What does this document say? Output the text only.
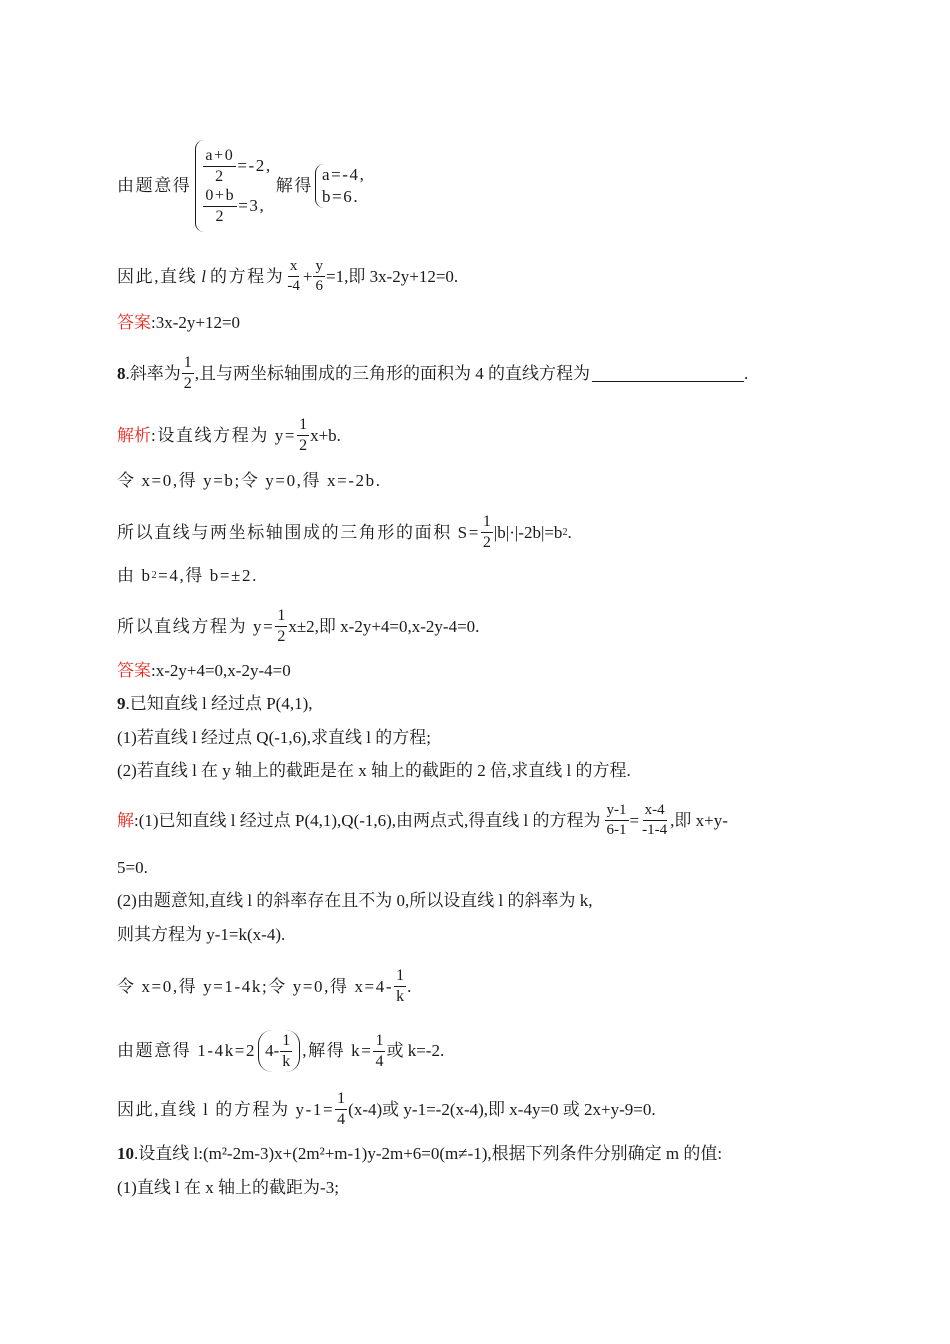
由题意得 $\frac{a+0}{2} =-2$,
$\frac{0+b}{2} =3$,
解得
a=-4,
b=6.
因此,直线 l 的方程为 $\frac{x}{-4} + \frac{y}{6} =1$,即 3x-2y+12=0.
答案 :3x-2y+12=0
8 .斜率为 $\frac{1}{2}$ ,且与两坐标轴围成的三角形的面积为 4 的直线方程为	.
解析 :设直线方程为 $y= \frac{1}{2} x+b$.
令 x=0,得 y=b;令 y=0,得 x=-2b.
所以直线与两坐标轴围成的三角形的面积 $S= \frac{1}{2} |b|\cdot|-2b|=b$ 2 .
由 b 2 =4,得 b=±2.
所以直线方程为 $y= \frac{1}{2} x\pm 2$,即 x-2y+4=0,x-2y-4=0.
答案 :x-2y+4=0,x-2y-4=0
9 .已知直线 l 经过点 P(4,1),
(1)若直线 l 经过点 Q(-1,6),求直线 l 的方程;
(2)若直线 l 在 y 轴上的截距是在 x 轴上的截距的 2 倍,求直线 l 的方程.
解 :(1)已知直线 l 经过点 P(4,1),Q(-1,6),由两点式,得直线 l 的方程为 $\frac{y-1}{6-1} = \frac{x-4}{-1-4}$ ,即 x+y-
5=0.
(2)由题意知,直线 l 的斜率存在且不为 0,所以设直线 l 的斜率为 k,
则其方程为 y-1=k(x-4).
令 x=0,得 y=1-4k;令 y=0,得 $x=4- \frac{1}{k}$ .
由题意得 1-4k=2 $4- \frac{1}{k}$ ,解得 $k= \frac{1}{4}$ 或 k=-2.
因此,直线 l 的方程为 $y-1= \frac{1}{4} (x-4)$或 y-1=-2(x-4),即 x-4y=0 或 2x+y-9=0.
10 .设直线 l:(m²-2m-3)x+(2m²+m-1)y-2m+6=0(m≠-1),根据下列条件分别确定 m 的值:
(1)直线 l 在 x 轴上的截距为-3;
